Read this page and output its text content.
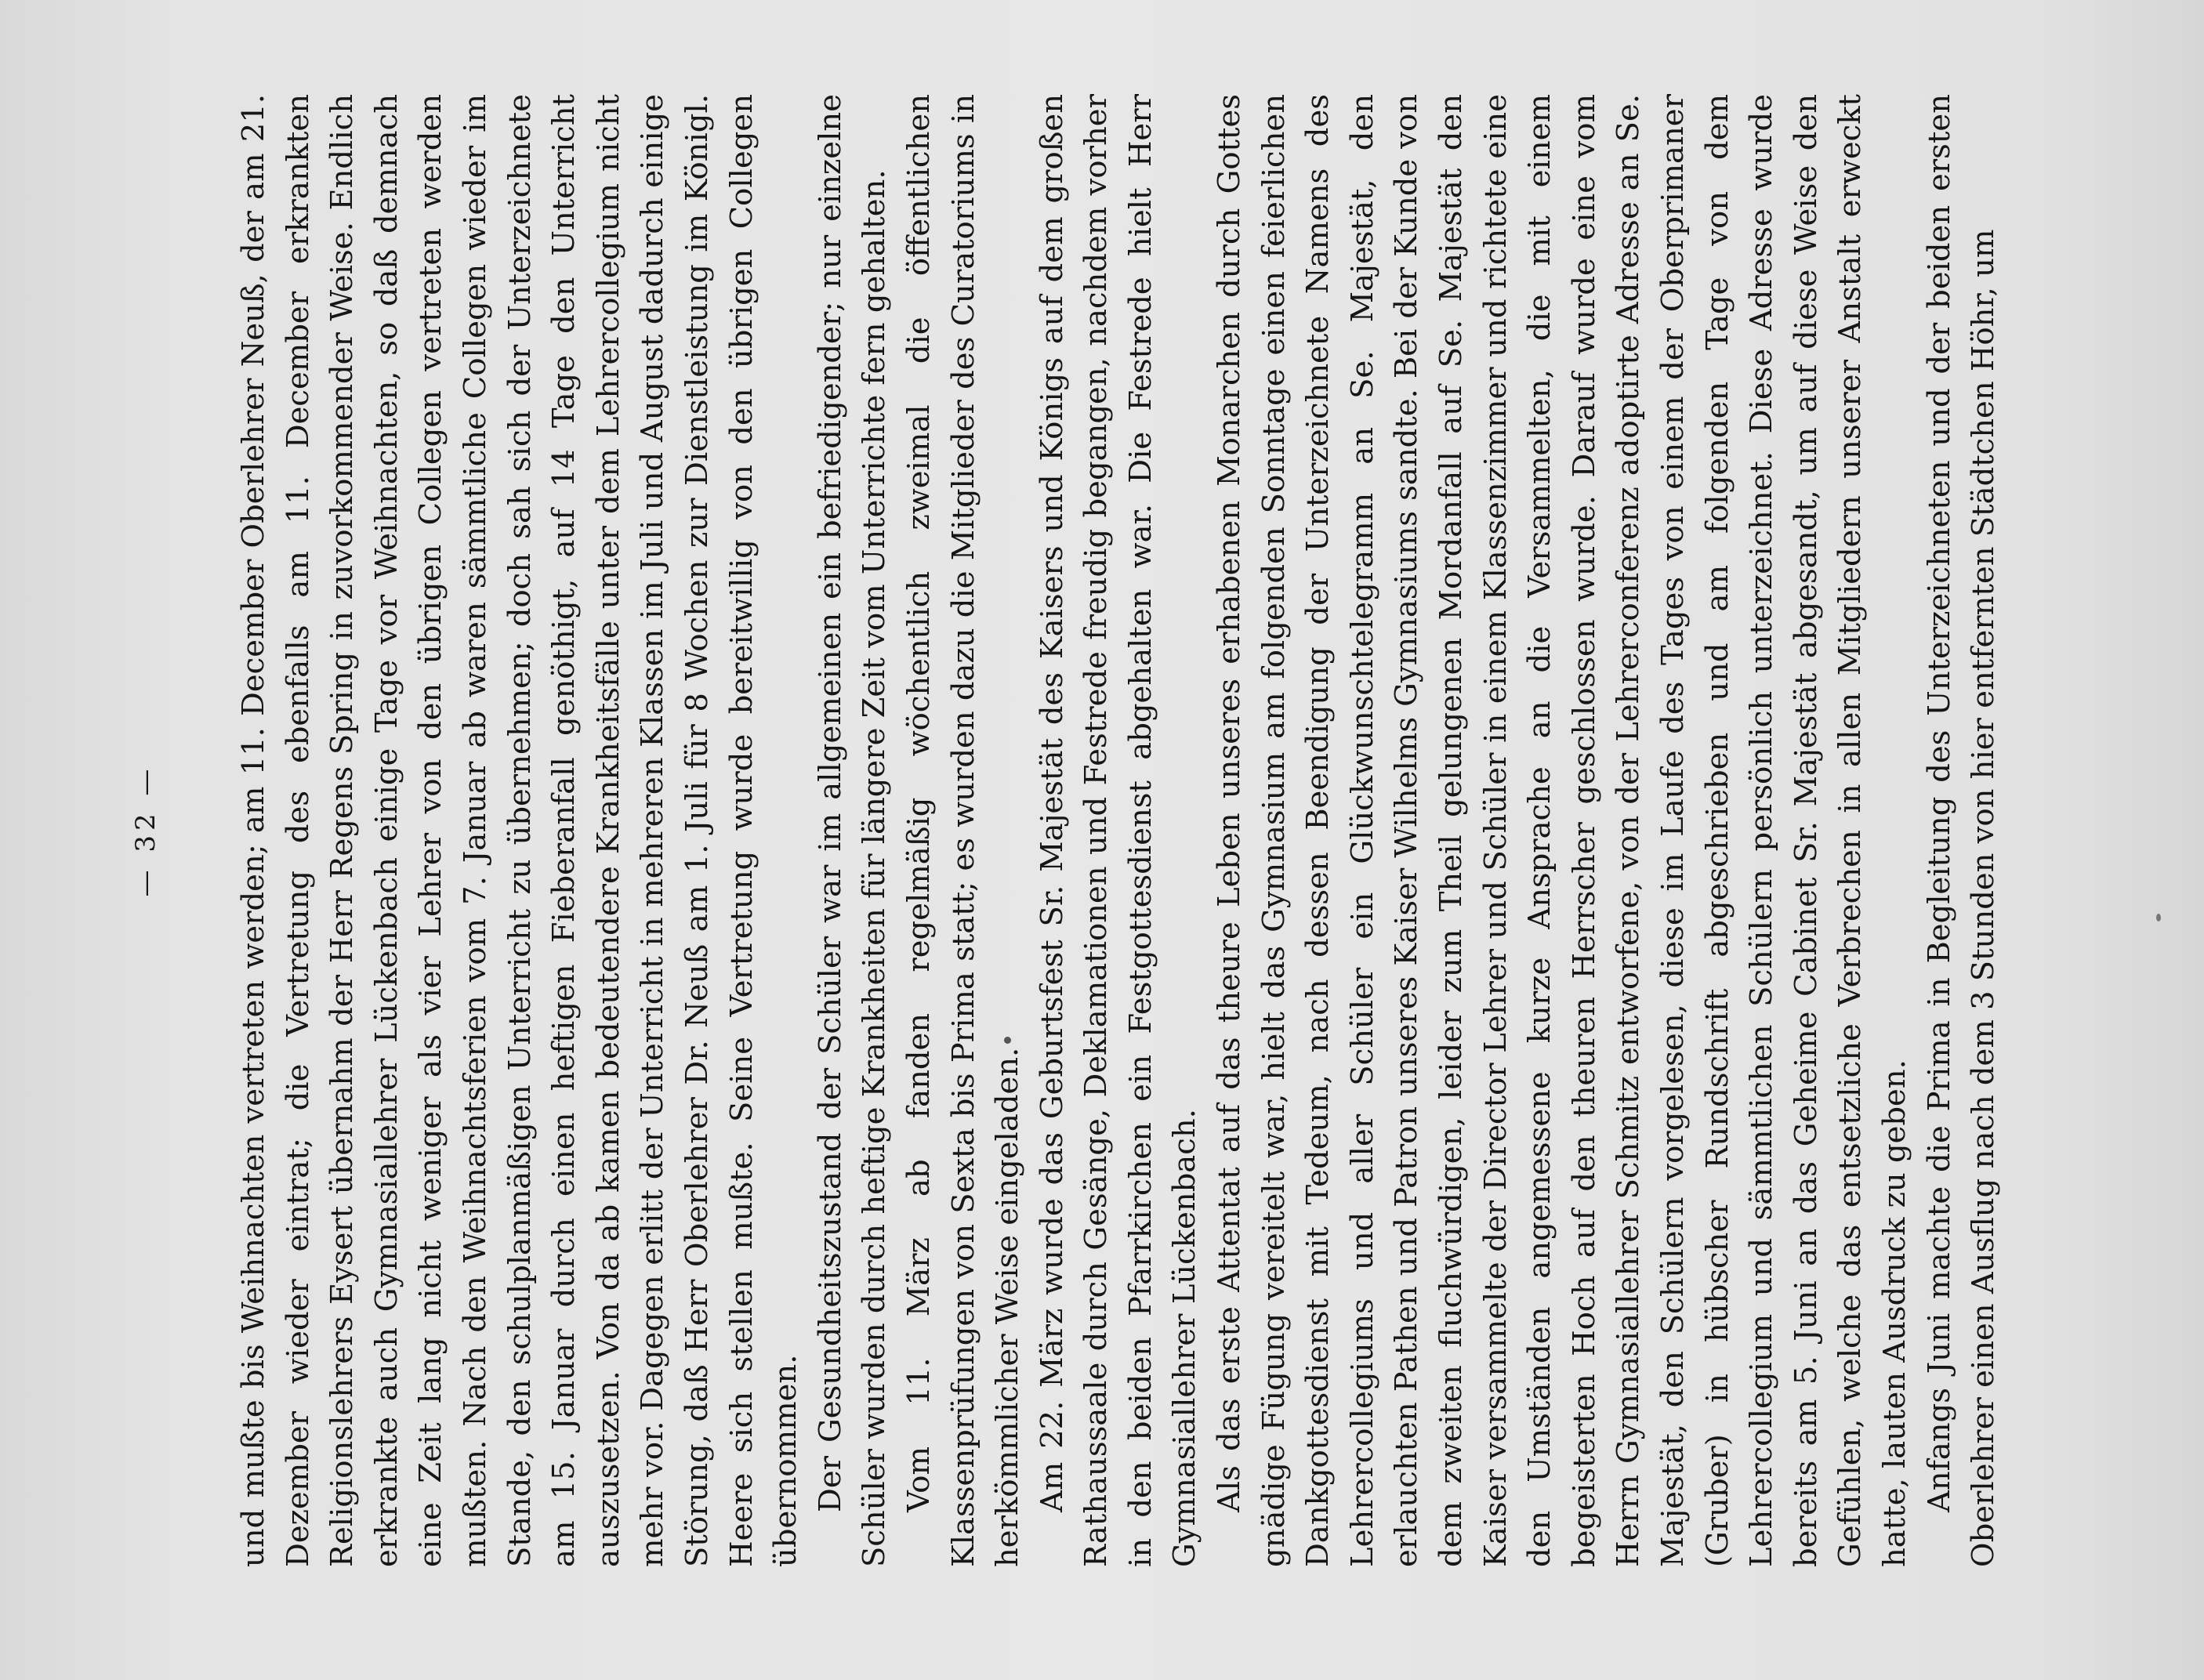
— 32 — und mußte bis Weihnachten vertreten werden; am 11. December Oberlehrer Neuß, der am 21. Dezember wieder eintrat; die Vertretung des ebenfalls am 11. December erkrankten Religionslehrers Eysert übernahm der Herr Regens Spring in zuvorkommender Weise. Endlich erkrankte auch Gymnasiallehrer Lückenbach einige Tage vor Weihnachten, so daß demnach eine Zeit lang nicht weniger als vier Lehrer von den übrigen Collegen vertreten werden mußten. Nach den Weihnachtsferien vom 7. Januar ab waren sämmtliche Collegen wieder im Stande, den schulplanmäßigen Unterricht zu übernehmen; doch sah sich der Unterzeichnete am 15. Januar durch einen heftigen Fieberanfall genöthigt, auf 14 Tage den Unterricht auszusetzen. Von da ab kamen bedeutendere Krankheitsfälle unter dem Lehrercollegium nicht mehr vor. Dagegen erlitt der Unterricht in mehreren Klassen im Juli und August dadurch einige Störung, daß Herr Oberlehrer Dr. Neuß am 1. Juli für 8 Wochen zur Dienstleistung im Königl. Heere sich stellen mußte. Seine Vertretung wurde bereitwillig von den übrigen Collegen übernommen. Der Gesundheitszustand der Schüler war im allgemeinen ein befriedigender; nur einzelne Schüler wurden durch heftige Krankheiten für längere Zeit vom Unterrichte fern gehalten. Vom 11. März ab fanden regelmäßig wöchentlich zweimal die öffentlichen Klassenprüfungen von Sexta bis Prima statt; es wurden dazu die Mitglieder des Curatoriums in herkömmlicher Weise eingeladen. Am 22. März wurde das Geburtsfest Sr. Majestät des Kaisers und Königs auf dem großen Rathaussaale durch Gesänge, Deklamationen und Festrede freudig begangen, nachdem vorher in den beiden Pfarrkirchen ein Festgottesdienst abgehalten war. Die Festrede hielt Herr Gymnasiallehrer Lückenbach. Als das erste Attentat auf das theure Leben unseres erhabenen Monarchen durch Gottes gnädige Fügung vereitelt war, hielt das Gymnasium am folgenden Sonntage einen feierlichen Dankgottesdienst mit Tedeum, nach dessen Beendigung der Unterzeichnete Namens des Lehrercollegiums und aller Schüler ein Glückwunschtelegramm an Se. Majestät, den erlauchten Pathen und Patron unseres Kaiser Wilhelms Gymnasiums sandte. Bei der Kunde von dem zweiten fluchwürdigen, leider zum Theil gelungenen Mordanfall auf Se. Majestät den Kaiser versammelte der Director Lehrer und Schüler in einem Klassenzimmer und richtete eine den Umständen angemessene kurze Ansprache an die Versammelten, die mit einem begeisterten Hoch auf den theuren Herrscher geschlossen wurde. Darauf wurde eine vom Herrn Gymnasiallehrer Schmitz entworfene, von der Lehrerconferenz adoptirte Adresse an Se. Majestät, den Schülern vorgelesen, diese im Laufe des Tages von einem der Oberprimaner (Gruber) in hübscher Rundschrift abgeschrieben und am folgenden Tage von dem Lehrercollegium und sämmtlichen Schülern persönlich unterzeichnet. Diese Adresse wurde bereits am 5. Juni an das Geheime Cabinet Sr. Majestät abgesandt, um auf diese Weise den Gefühlen, welche das entsetzliche Verbrechen in allen Mitgliedern unserer Anstalt erweckt hatte, lauten Ausdruck zu geben. Anfangs Juni machte die Prima in Begleitung des Unterzeichneten und der beiden ersten Oberlehrer einen Ausflug nach dem 3 Stunden von hier entfernten Städtchen Höhr, um
